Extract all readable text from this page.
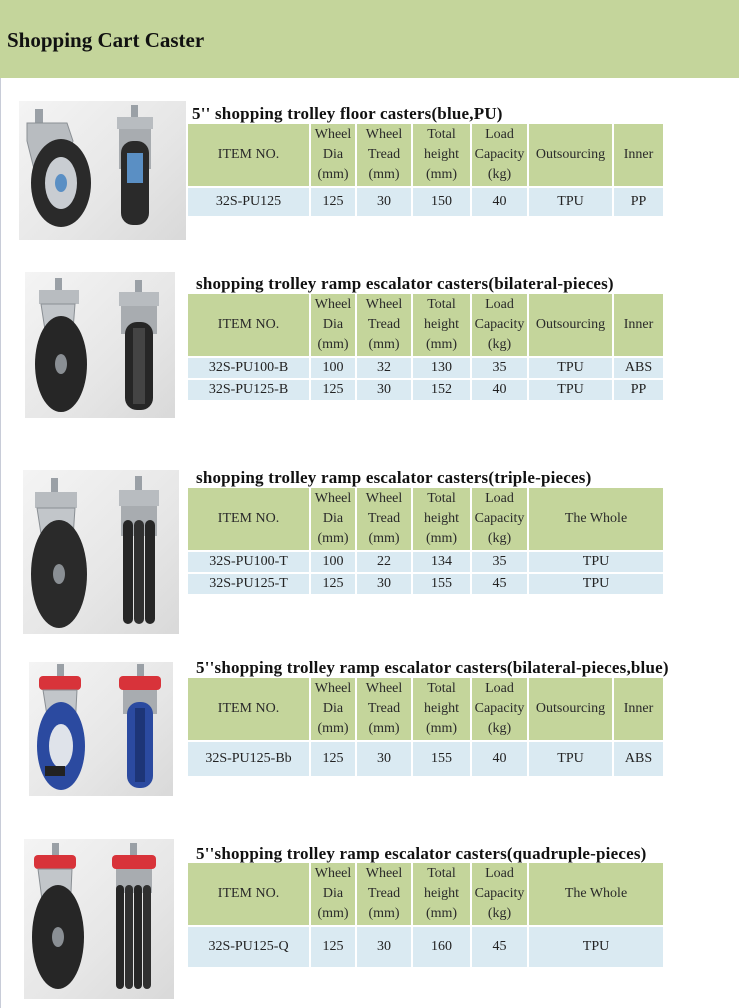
Shopping Cart Caster
5'' shopping trolley floor casters(blue,PU)
ITEM NO.	Wheel
Dia
(mm)	Wheel
Tread
(mm)	Total
height
(mm)	Load
Capacity
(kg)	Outsourcing	Inner

32S-PU125	125	30	150	40	TPU	PP
shopping trolley ramp escalator casters(bilateral-pieces)
ITEM NO.	Wheel
Dia
(mm)	Wheel
Tread
(mm)	Total
height
(mm)	Load
Capacity
(kg)	Outsourcing	Inner

32S-PU100-B	100	32	130	35	TPU	ABS

32S-PU125-B	125	30	152	40	TPU	PP
shopping trolley ramp escalator casters(triple-pieces)
ITEM NO.	Wheel
Dia
(mm)	Wheel
Tread
(mm)	Total
height
(mm)	Load
Capacity
(kg)	The Whole

32S-PU100-T	100	22	134	35	TPU

32S-PU125-T	125	30	155	45	TPU
5''shopping trolley ramp escalator casters(bilateral-pieces,blue)
ITEM NO.	Wheel
Dia
(mm)	Wheel
Tread
(mm)	Total
height
(mm)	Load
Capacity
(kg)	Outsourcing	Inner

32S-PU125-Bb	125	30	155	40	TPU	ABS
5''shopping trolley ramp escalator casters(quadruple-pieces)
ITEM NO.	Wheel
Dia
(mm)	Wheel
Tread
(mm)	Total
height
(mm)	Load
Capacity
(kg)	The Whole

32S-PU125-Q	125	30	160	45	TPU
